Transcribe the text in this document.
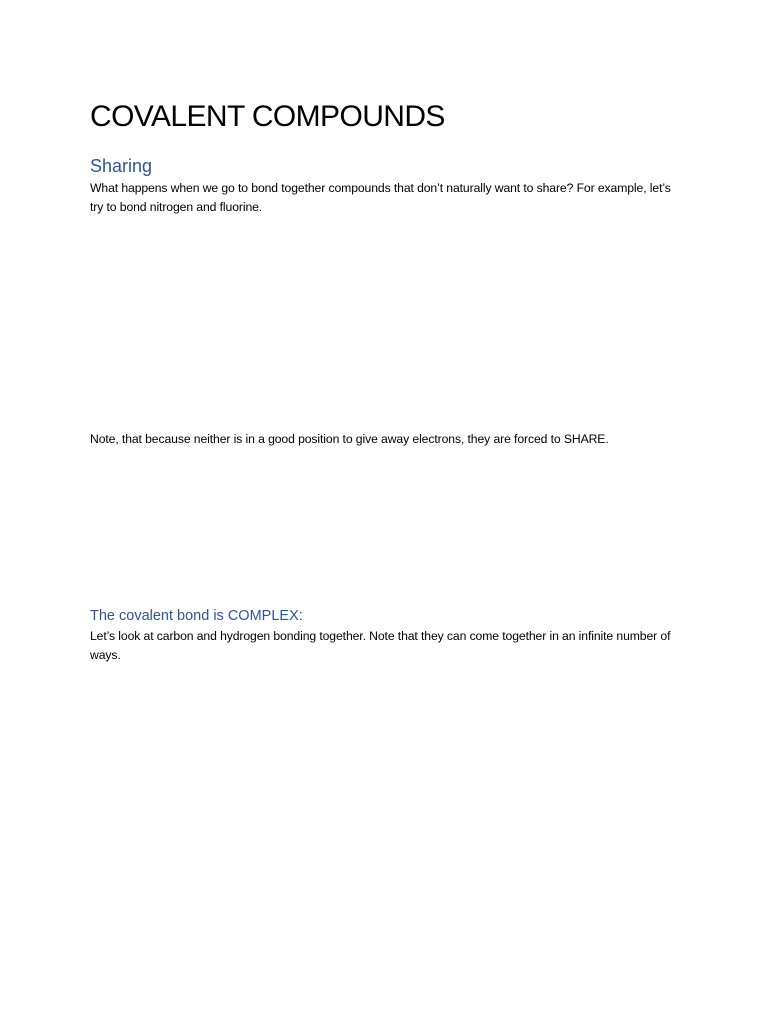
COVALENT COMPOUNDS
Sharing

What happens when we go to bond together compounds that don’t naturally want to share? For example, let’s try to bond nitrogen and fluorine.

Note, that because neither is in a good position to give away electrons, they are forced to SHARE.

The covalent bond is COMPLEX:

Let’s look at carbon and hydrogen bonding together. Note that they can come together in an infinite number of ways.
